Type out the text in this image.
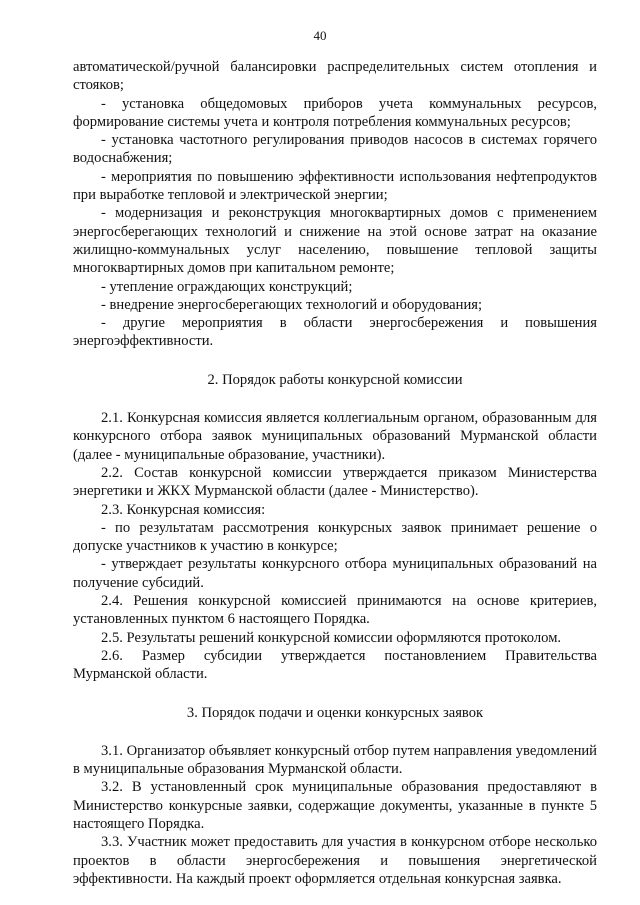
40

автоматической/ручной балансировки распределительных систем отопления и стояков;

- установка общедомовых приборов учета коммунальных ресурсов, формирование системы учета и контроля потребления коммунальных ресурсов;

- установка частотного регулирования приводов насосов в системах горячего водоснабжения;

- мероприятия по повышению эффективности использования нефтепродуктов при выработке тепловой и электрической энергии;

- модернизация и реконструкция многоквартирных домов с применением энергосберегающих технологий и снижение на этой основе затрат на оказание жилищно-коммунальных услуг населению, повышение тепловой защиты многоквартирных домов при капитальном ремонте;

- утепление ограждающих конструкций;

- внедрение энергосберегающих технологий и оборудования;

- другие мероприятия в области энергосбережения и повышения энергоэффективности.

2. Порядок работы конкурсной комиссии

2.1. Конкурсная комиссия является коллегиальным органом, образованным для конкурсного отбора заявок муниципальных образований Мурманской области (далее - муниципальные образование, участники).

2.2. Состав конкурсной комиссии утверждается приказом Министерства энергетики и ЖКХ Мурманской области (далее - Министерство).

2.3. Конкурсная комиссия:

- по результатам рассмотрения конкурсных заявок принимает решение о допуске участников к участию в конкурсе;

- утверждает результаты конкурсного отбора муниципальных образований на получение субсидий.

2.4. Решения конкурсной комиссией принимаются на основе критериев, установленных пунктом 6 настоящего Порядка.

2.5. Результаты решений конкурсной комиссии оформляются протоколом.

2.6. Размер субсидии утверждается постановлением Правительства Мурманской области.

3. Порядок подачи и оценки конкурсных заявок

3.1. Организатор объявляет конкурсный отбор путем направления уведомлений в муниципальные образования Мурманской области.

3.2. В установленный срок муниципальные образования предоставляют в Министерство конкурсные заявки, содержащие документы, указанные в пункте 5 настоящего Порядка.

3.3. Участник может предоставить для участия в конкурсном отборе несколько проектов в области энергосбережения и повышения энергетической эффективности. На каждый проект оформляется отдельная конкурсная заявка.
